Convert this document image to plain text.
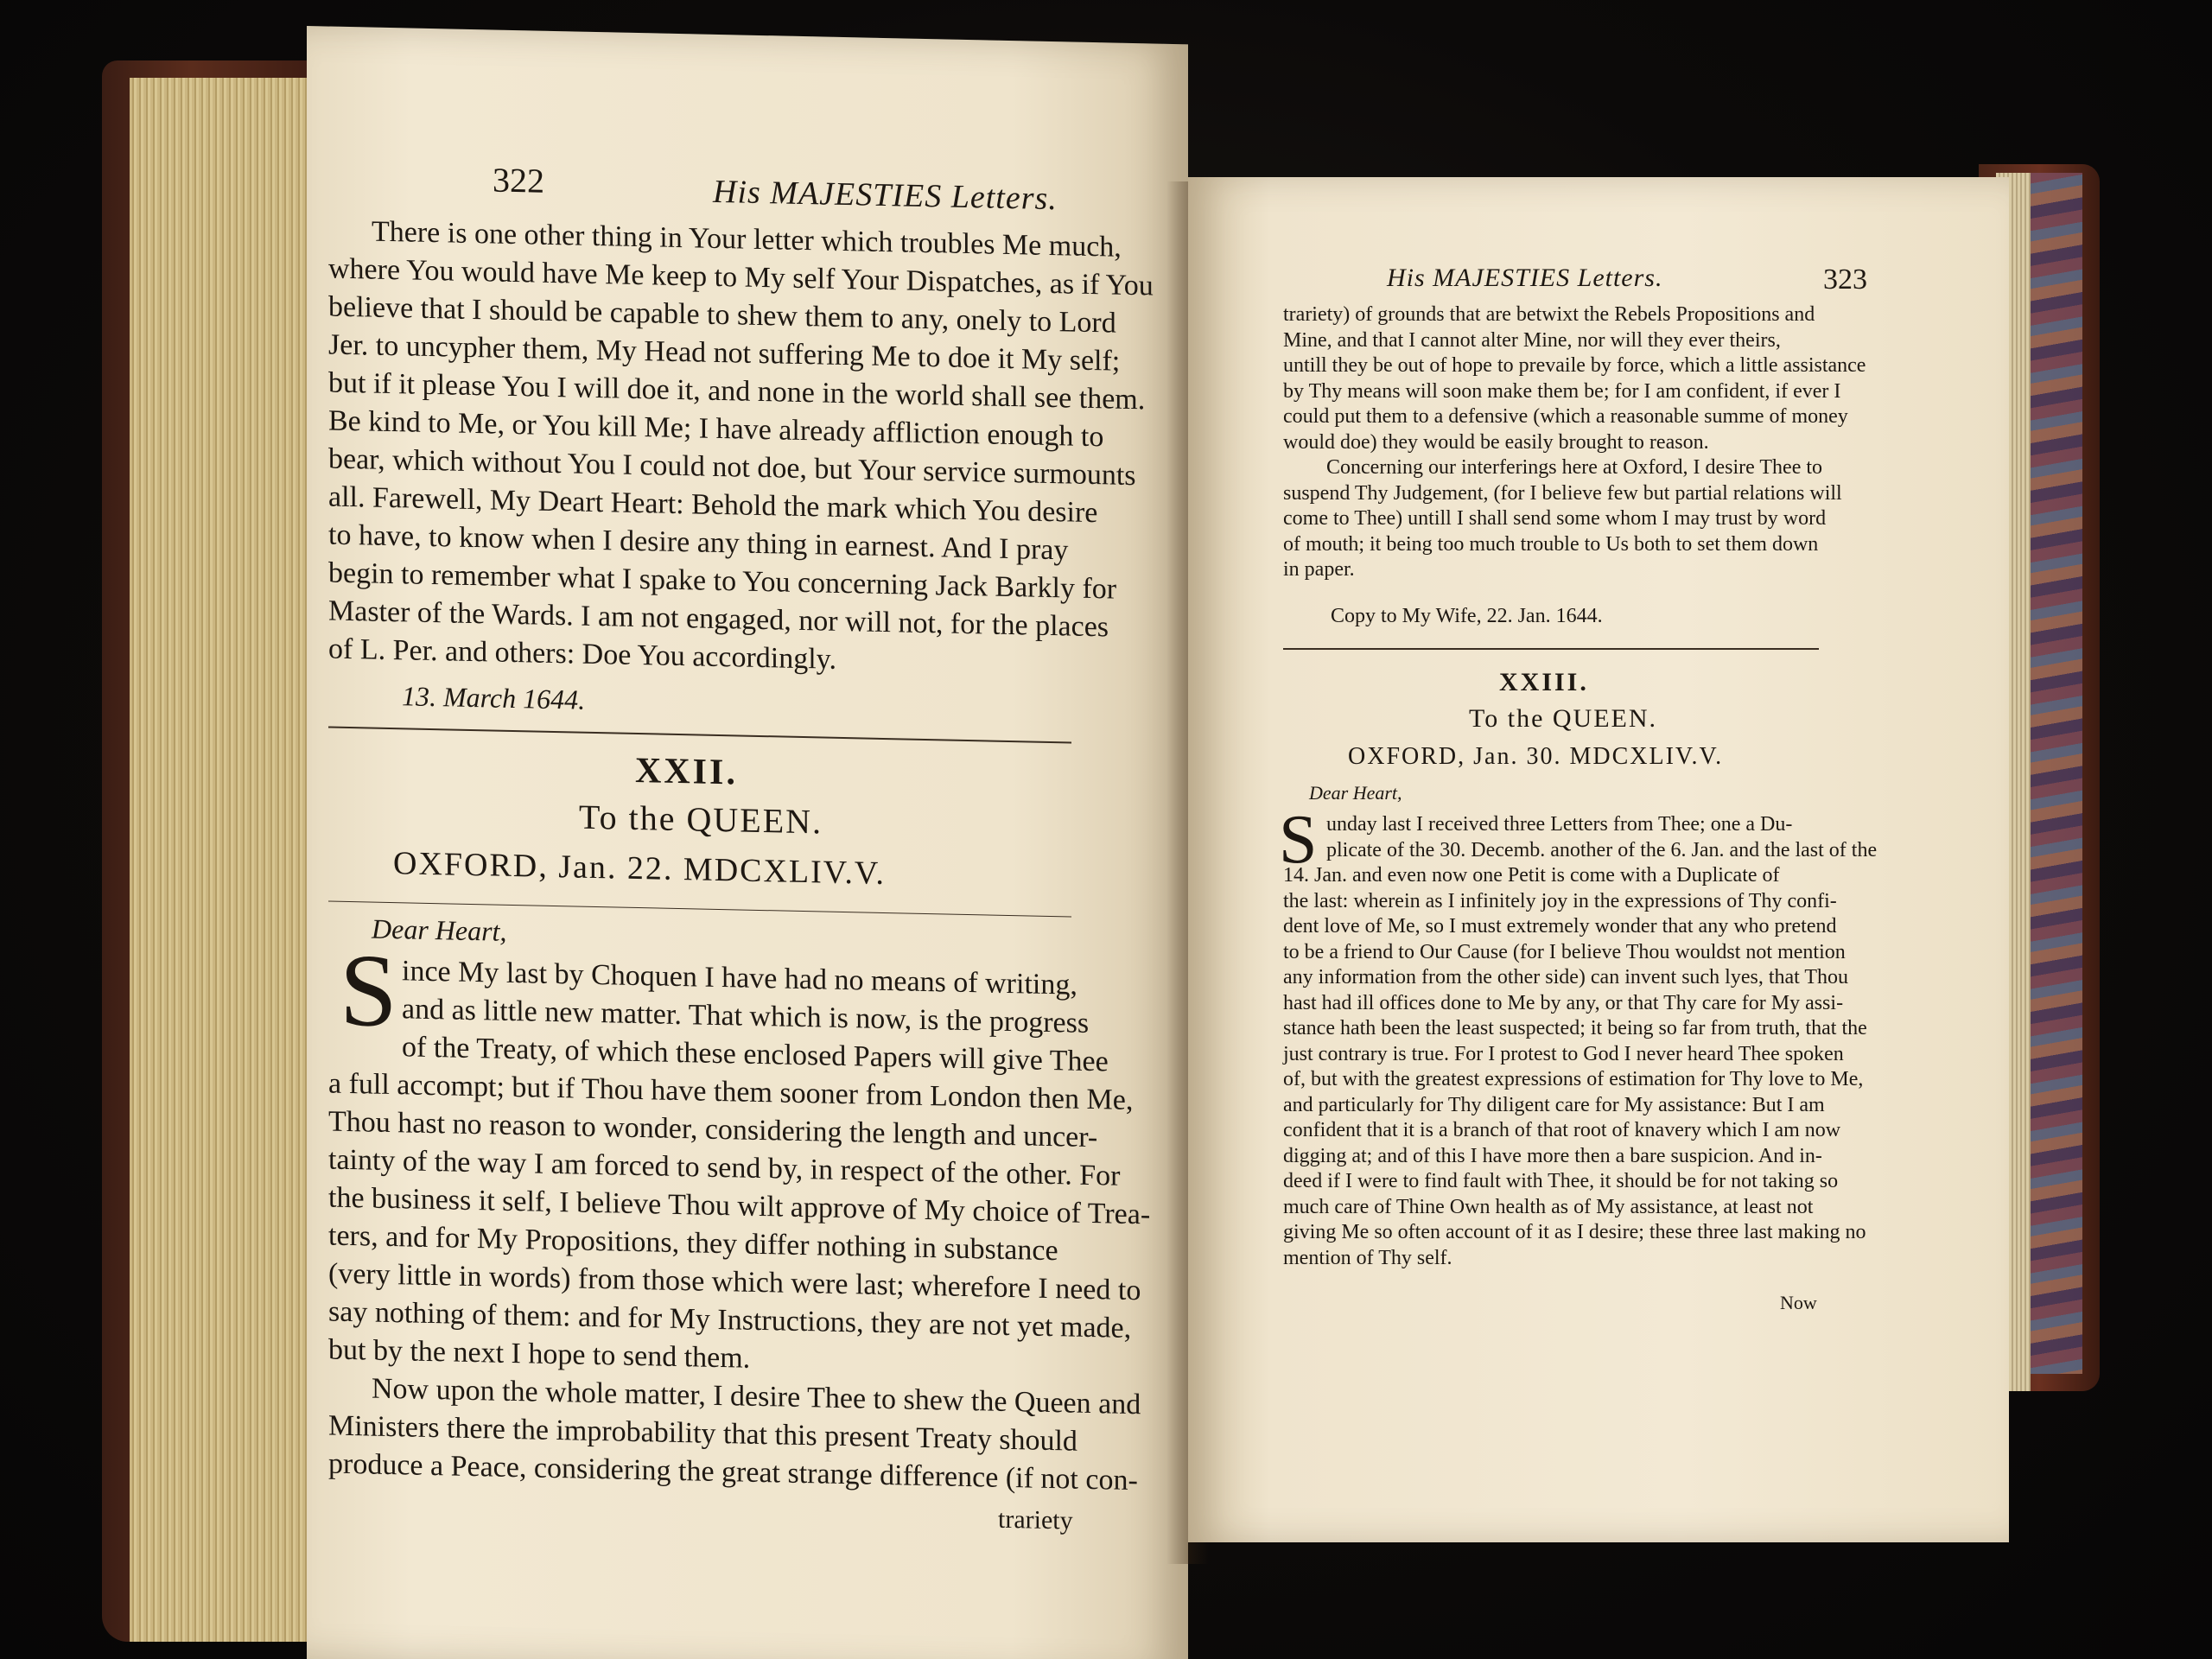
322	His MAJESTIES Letters.
There is one other thing in Your letter which troubles Me much,
where You would have Me keep to My self Your Dispatches, as if You
believe that I should be capable to shew them to any, onely to Lord
Jer. to uncypher them, My Head not suffering Me to doe it My self;
but if it please You I will doe it, and none in the world shall see them.
Be kind to Me, or You kill Me; I have already affliction enough to
bear, which without You I could not doe, but Your service surmounts
all. Farewell, My Deart Heart: Behold the mark which You desire
to have, to know when I desire any thing in earnest. And I pray
begin to remember what I spake to You concerning Jack Barkly for
Master of the Wards. I am not engaged, nor will not, for the places
of L. Per. and others: Doe You accordingly.
13. March 1644.
XXII.
To the QUEEN.
OXFORD, Jan. 22. MDCXLIV.V.
Dear Heart,
S ince My last by Choquen I have had no means of writing,
and as little new matter. That which is now, is the progress
of the Treaty, of which these enclosed Papers will give Thee
a full accompt; but if Thou have them sooner from London then Me,
Thou hast no reason to wonder, considering the length and uncer-
tainty of the way I am forced to send by, in respect of the other. For
the business it self, I believe Thou wilt approve of My choice of Trea-
ters, and for My Propositions, they differ nothing in substance
(very little in words) from those which were last; wherefore I need to
say nothing of them: and for My Instructions, they are not yet made,
but by the next I hope to send them.
Now upon the whole matter, I desire Thee to shew the Queen and
Ministers there the improbability that this present Treaty should
produce a Peace, considering the great strange difference (if not con-
trariety
His MAJESTIES Letters.	323
trariety) of grounds that are betwixt the Rebels Propositions and
Mine, and that I cannot alter Mine, nor will they ever theirs,
untill they be out of hope to prevaile by force, which a little assistance
by Thy means will soon make them be; for I am confident, if ever I
could put them to a defensive (which a reasonable summe of money
would doe) they would be easily brought to reason.
Concerning our interferings here at Oxford, I desire Thee to
suspend Thy Judgement, (for I believe few but partial relations will
come to Thee) untill I shall send some whom I may trust by word
of mouth; it being too much trouble to Us both to set them down
in paper.
Copy to My Wife, 22. Jan. 1644.
XXIII.
To the QUEEN.
OXFORD, Jan. 30. MDCXLIV.V.
Dear Heart,
S unday last I received three Letters from Thee; one a Du-
plicate of the 30. Decemb. another of the 6. Jan. and the last of the
14. Jan. and even now one Petit is come with a Duplicate of
the last: wherein as I infinitely joy in the expressions of Thy confi-
dent love of Me, so I must extremely wonder that any who pretend
to be a friend to Our Cause (for I believe Thou wouldst not mention
any information from the other side) can invent such lyes, that Thou
hast had ill offices done to Me by any, or that Thy care for My assi-
stance hath been the least suspected; it being so far from truth, that the
just contrary is true. For I protest to God I never heard Thee spoken
of, but with the greatest expressions of estimation for Thy love to Me,
and particularly for Thy diligent care for My assistance: But I am
confident that it is a branch of that root of knavery which I am now
digging at; and of this I have more then a bare suspicion. And in-
deed if I were to find fault with Thee, it should be for not taking so
much care of Thine Own health as of My assistance, at least not
giving Me so often account of it as I desire; these three last making no
mention of Thy self.
Now
